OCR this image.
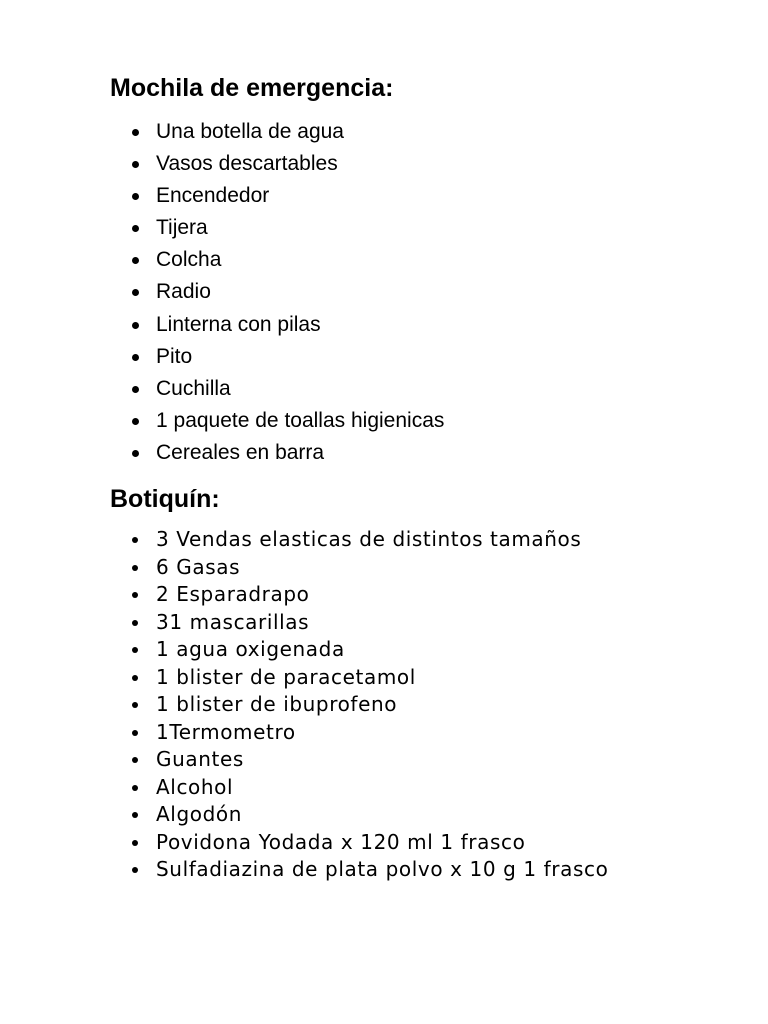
Mochila de emergencia:
Una botella de agua
Vasos descartables
Encendedor
Tijera
Colcha
Radio
Linterna con pilas
Pito
Cuchilla
1 paquete de toallas higienicas
Cereales en barra
Botiquín:
3 Vendas elasticas de distintos tamaños
6 Gasas
2 Esparadrapo
31 mascarillas
1 agua oxigenada
1 blister de paracetamol
1 blister de ibuprofeno
1Termometro
Guantes
Alcohol
Algodón
Povidona Yodada x 120 ml 1 frasco
Sulfadiazina de plata polvo x 10 g 1 frasco
